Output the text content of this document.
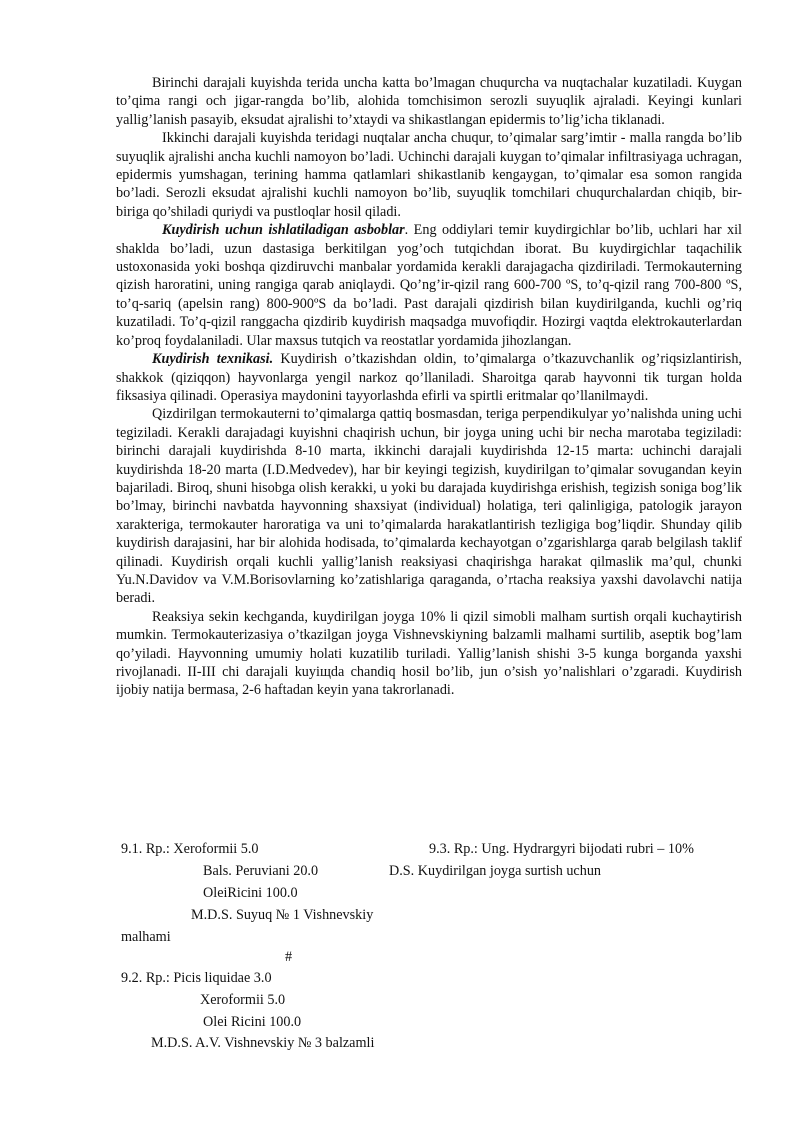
Birinchi darajali kuyishda terida uncha katta bo’lmagan chuqurcha va nuqtachalar kuzatiladi. Kuygan to’qima rangi och jigar-rangda bo’lib, alohida tomchisimon serozli suyuqlik ajraladi. Keyingi kunlari yallig’lanish pasayib, eksudat ajralishi to’xtaydi va shikastlangan epidermis to’lig’icha tiklanadi.

Ikkinchi darajali kuyishda teridagi nuqtalar ancha chuqur, to’qimalar sarg’imtir - malla rangda bo’lib suyuqlik ajralishi ancha kuchli namoyon bo’ladi. Uchinchi darajali kuygan to’qimalar infiltrasiyaga uchragan, epidermis yumshagan, terining hamma qatlamlari shikastlanib kengaygan, to’qimalar esa somon rangida bo’ladi. Serozli eksudat ajralishi kuchli namoyon bo’lib, suyuqlik tomchilari chuqurchalardan chiqib, bir-biriga qo’shiladi quriydi va pustloqlar hosil qiladi.

Kuydirish uchun ishlatiladigan asboblar. Eng oddiylari temir kuydirgichlar bo’lib, uchlari har xil shaklda bo’ladi, uzun dastasiga berkitilgan yog’och tutqichdan iborat. Bu kuydirgichlar taqachilik ustoxonasida yoki boshqa qizdiruvchi manbalar yordamida kerakli darajagacha qizdiriladi. Termokauterning qizish haroratini, uning rangiga qarab aniqlaydi. Qo’ng’ir-qizil rang 600-700 ºS, to’q-qizil rang 700-800 ºS, to’q-sariq (apelsin rang) 800-900ºS da bo’ladi. Past darajali qizdirish bilan kuydirilganda, kuchli og’riq kuzatiladi. To’q-qizil ranggacha qizdirib kuydirish maqsadga muvofiqdir. Hozirgi vaqtda elektrokauterlardan ko’proq foydalaniladi. Ular maxsus tutqich va reostatlar yordamida jihozlangan.

Kuydirish texnikasi. Kuydirish o’tkazishdan oldin, to’qimalarga o’tkazuvchanlik og’riqsizlantirish, shakkok (qiziqqon) hayvonlarga yengil narkoz qo’llaniladi. Sharoitga qarab hayvonni tik turgan holda fiksasiya qilinadi. Operasiya maydonini tayyorlashda efirli va spirtli eritmalar qo’llanilmaydi.

Qizdirilgan termokauterni to’qimalarga qattiq bosmasdan, teriga perpendikulyar yo’nalishda uning uchi tegiziladi. Kerakli darajadagi kuyishni chaqirish uchun, bir joyga uning uchi bir necha marotaba tegiziladi: birinchi darajali kuydirishda 8-10 marta, ikkinchi darajali kuydirishda 12-15 marta: uchinchi darajali kuydirishda 18-20 marta (I.D.Medvedev), har bir keyingi tegizish, kuydirilgan to’qimalar sovugandan keyin bajariladi. Biroq, shuni hisobga olish kerakki, u yoki bu darajada kuydirishga erishish, tegizish soniga bog’lik bo’lmay, birinchi navbatda hayvonning shaxsiyat (individual) holatiga, teri qalinligiga, patologik jarayon xarakteriga, termokauter haroratiga va uni to’qimalarda harakatlantirish tezligiga bog’liqdir. Shunday qilib kuydirish darajasini, har bir alohida hodisada, to’qimalarda kechayotgan o’zgarishlarga qarab belgilash taklif qilinadi. Kuydirish orqali kuchli yallig’lanish reaksiyasi chaqirishga harakat qilmaslik ma’qul, chunki Yu.N.Davidov va V.M.Borisovlarning ko’zatishlariga qaraganda, o’rtacha reaksiya yaxshi davolavchi natija beradi.

Reaksiya sekin kechganda, kuydirilgan joyga 10% li qizil simobli malham surtish orqali kuchaytirish mumkin. Termokauterizasiya o’tkazilgan joyga Vishnevskiyning balzamli malhami surtilib, aseptik bog’lam qo’yiladi. Hayvonning umumiy holati kuzatilib turiladi. Yallig’lanish shishi 3-5 kunga borganda yaxshi rivojlanadi. II-III chi darajali kuyiщda chandiq hosil bo’lib, jun o’sish yo’nalishlari o’zgaradi. Kuydirish ijobiy natija bermasa, 2-6 haftadan keyin yana takrorlanadi.

9.1. Rp.: Xeroformii 5.0	9.3. Rp.: Ung. Hydrargyri bijodati rubri – 10%
Bals. Peruviani 20.0	D.S. Kuydirilgan joyga surtish uchun
OleiRicini 100.0
M.D.S. Suyuq № 1 Vishnevskiy
malhami
#
9.2. Rp.: Picis liquidae 3.0
Xeroformii 5.0
Olei Ricini 100.0
M.D.S. A.V. Vishnevskiy № 3 balzamli
